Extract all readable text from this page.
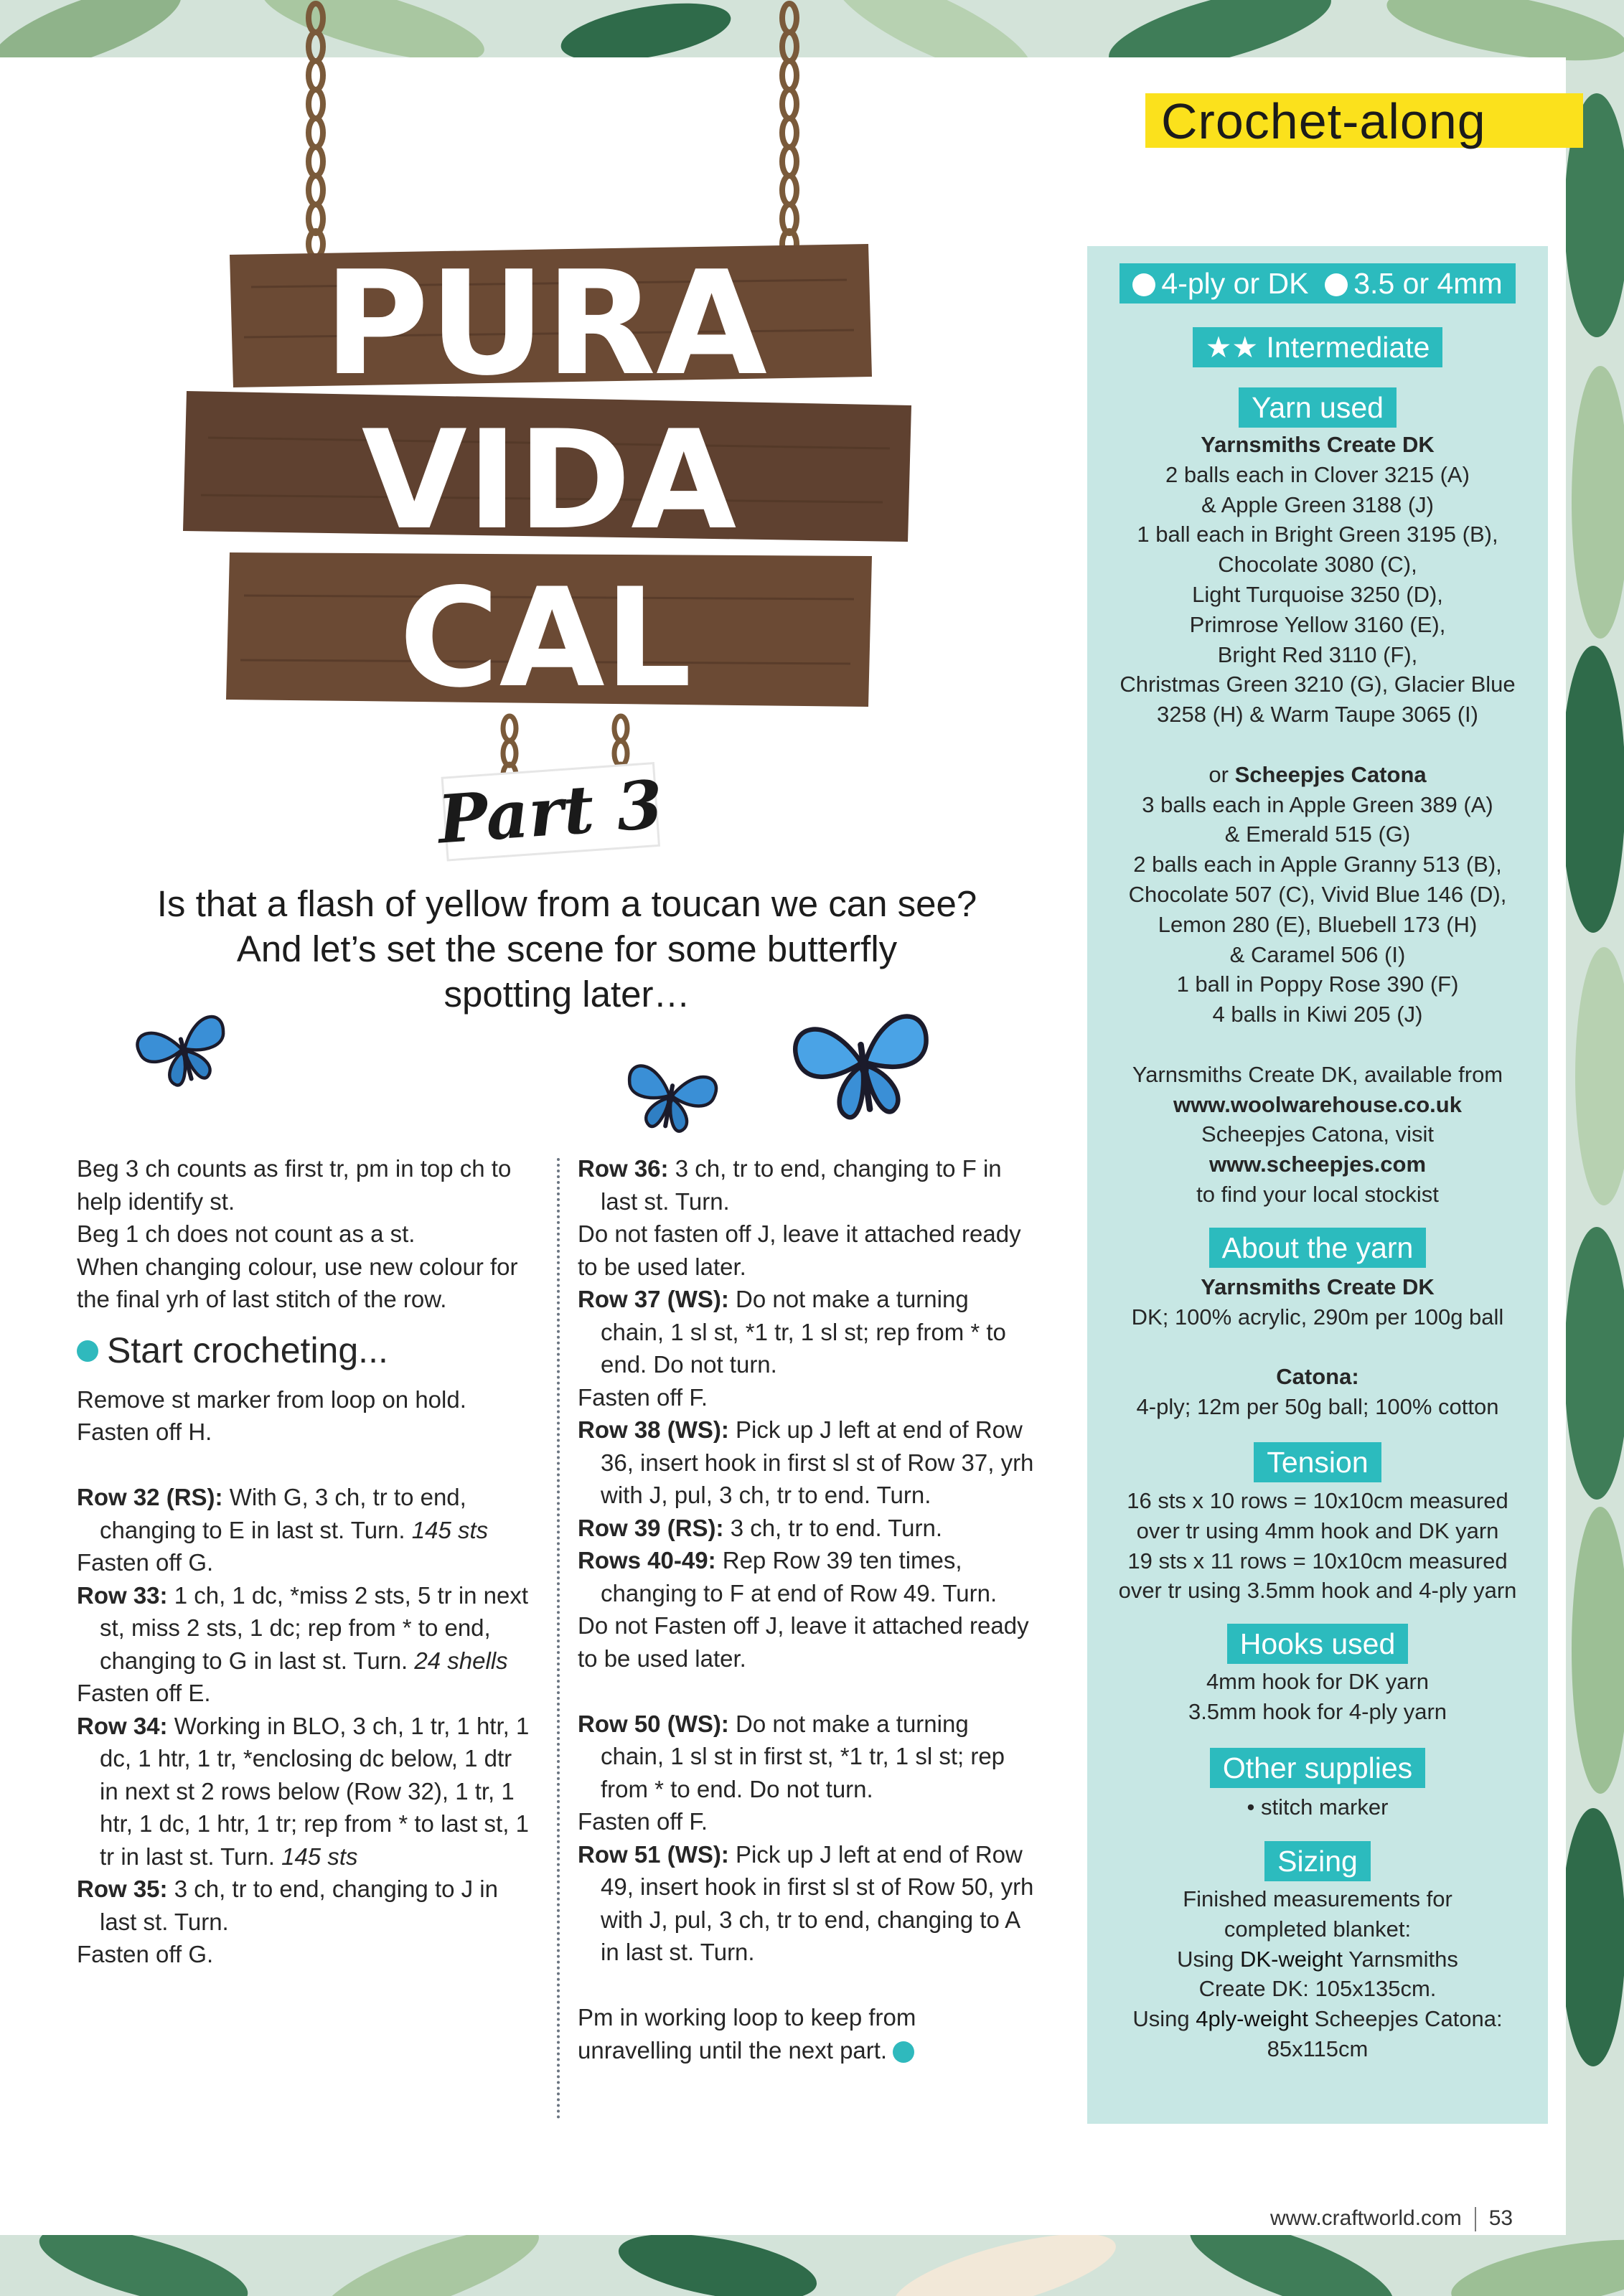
Crochet-along
PURA
VIDA
CAL
Part 3
Is that a flash of yellow from a toucan we can see?
And let’s set the scene for some butterfly
spotting later…

Beg 3 ch counts as first tr, pm in top ch to help identify st.

Beg 1 ch does not count as a st.

When changing colour, use new colour for the final yrh of last stitch of the row.

Start crocheting...

Remove st marker from loop on hold. Fasten off H.

Row 32 (RS): With G, 3 ch, tr to end, changing to E in last st. Turn. 145 sts

Fasten off G.

Row 33: 1 ch, 1 dc, *miss 2 sts, 5 tr in next st, miss 2 sts, 1 dc; rep from * to end, changing to G in last st. Turn. 24 shells

Fasten off E.

Row 34: Working in BLO, 3 ch, 1 tr, 1 htr, 1 dc, 1 htr, 1 tr, *enclosing dc below, 1 dtr in next st 2 rows below (Row 32), 1 tr, 1 htr, 1 dc, 1 htr, 1 tr; rep from * to last st, 1 tr in last st. Turn. 145 sts

Row 35: 3 ch, tr to end, changing to J in last st. Turn.

Fasten off G.

Row 36: 3 ch, tr to end, changing to F in last st. Turn.

Do not fasten off J, leave it attached ready to be used later.

Row 37 (WS): Do not make a turning chain, 1 sl st, *1 tr, 1 sl st; rep from * to end. Do not turn.

Fasten off F.

Row 38 (WS): Pick up J left at end of Row 36, insert hook in first sl st of Row 37, yrh with J, pul, 3 ch, tr to end. Turn.

Row 39 (RS): 3 ch, tr to end. Turn.

Rows 40-49: Rep Row 39 ten times, changing to F at end of Row 49. Turn.

Do not Fasten off J, leave it attached ready to be used later.

Row 50 (WS): Do not make a turning chain, 1 sl st in first st, *1 tr, 1 sl st; rep from * to end. Do not turn.

Fasten off F.

Row 51 (WS): Pick up J left at end of Row 49, insert hook in first sl st of Row 50, yrh with J, pul, 3 ch, tr to end, changing to A in last st. Turn.

Pm in working loop to keep from unravelling until the next part.

4-ply or DK 3.5 or 4mm
★★ Intermediate
Yarn used

Yarnsmiths Create DK

2 balls each in Clover 3215 (A)

& Apple Green 3188 (J)

1 ball each in Bright Green 3195 (B),

Chocolate 3080 (C),

Light Turquoise 3250 (D),

Primrose Yellow 3160 (E),

Bright Red 3110 (F),

Christmas Green 3210 (G), Glacier Blue

3258 (H) & Warm Taupe 3065 (I)

or Scheepjes Catona

3 balls each in Apple Green 389 (A)

& Emerald 515 (G)

2 balls each in Apple Granny 513 (B),

Chocolate 507 (C), Vivid Blue 146 (D),

Lemon 280 (E), Bluebell 173 (H)

& Caramel 506 (I)

1 ball in Poppy Rose 390 (F)

4 balls in Kiwi 205 (J)

Yarnsmiths Create DK, available from

www.woolwarehouse.co.uk

Scheepjes Catona, visit

www.scheepjes.com

to find your local stockist

About the yarn

Yarnsmiths Create DK

DK; 100% acrylic, 290m per 100g ball

Catona:

4-ply; 12m per 50g ball; 100% cotton

Tension

16 sts x 10 rows = 10x10cm measured

over tr using 4mm hook and DK yarn

19 sts x 11 rows = 10x10cm measured

over tr using 3.5mm hook and 4-ply yarn

Hooks used

4mm hook for DK yarn

3.5mm hook for 4-ply yarn

Other supplies

• stitch marker

Sizing

Finished measurements for

completed blanket:

Using DK-weight Yarnsmiths

Create DK: 105x135cm.

Using 4ply-weight Scheepjes Catona:

85x115cm

www.craftworld.com 53
